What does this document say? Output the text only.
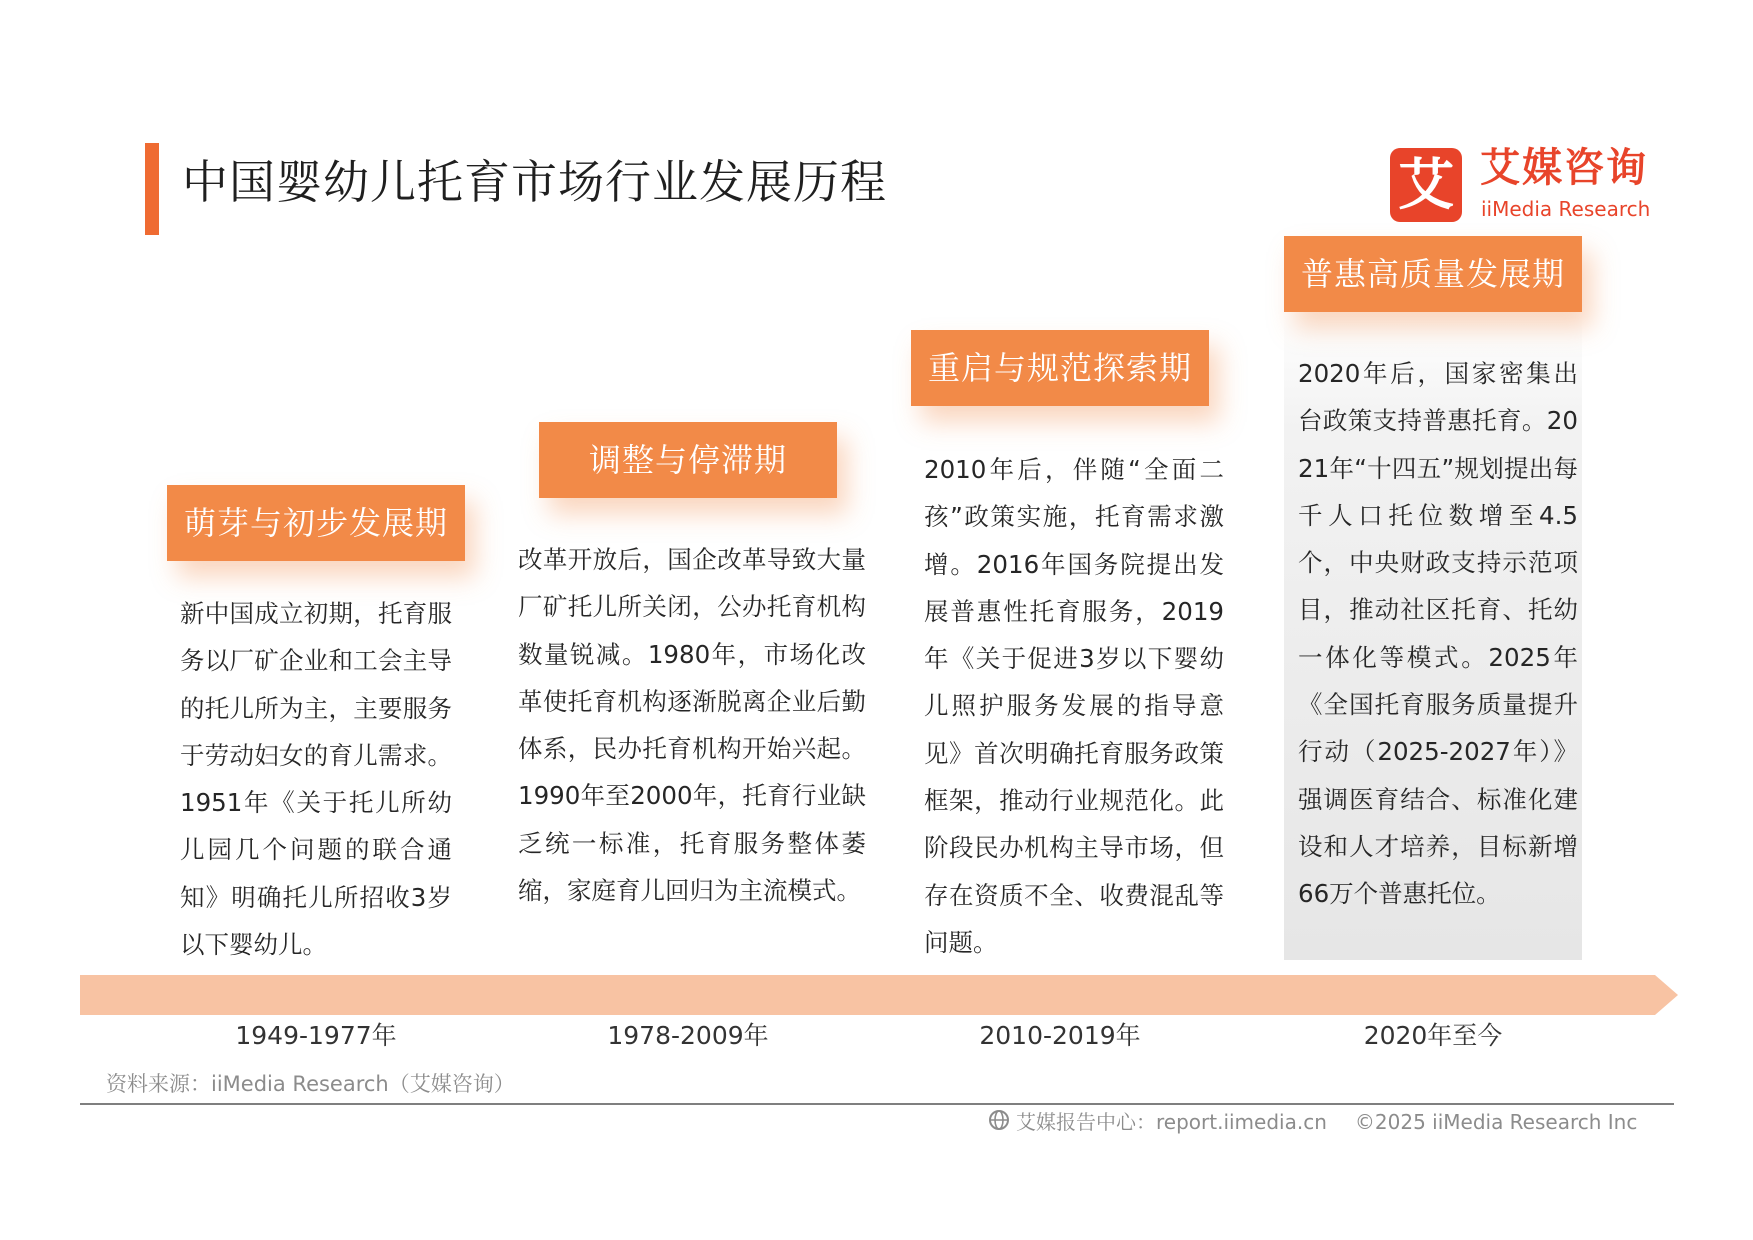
中国婴幼儿托育市场行业发展历程	艾 艾媒咨询
iiMedia Research
萌芽与初步发展期
调整与停滞期
重启与规范探索期
普惠高质量发展期
新中国成立初期，托育服务以厂矿企业和工会主导的托儿所为主，主要服务于劳动妇女的育儿需求。1951年《关于托儿所幼儿园几个问题的联合通知》明确托儿所招收3岁以下婴幼儿。
改革开放后，国企改革导致大量厂矿托儿所关闭，公办托育机构数量锐减。1980年，市场化改革使托育机构逐渐脱离企业后勤体系，民办托育机构开始兴起。1990年至2000年，托育行业缺乏统一标准，托育服务整体萎缩，家庭育儿回归为主流模式。
2010年后，伴随“全面二孩”政策实施，托育需求激增。2016年国务院提出发展普惠性托育服务，2019年《关于促进3岁以下婴幼儿照护服务发展的指导意见》首次明确托育服务政策框架，推动行业规范化。此阶段民办机构主导市场，但存在资质不全、收费混乱等问题。
2020年后，国家密集出台政策支持普惠托育。2021年“十四五”规划提出每千人口托位数增至4.5个，中央财政支持示范项目，推动社区托育、托幼一体化等模式。2025年《全国托育服务质量提升行动（2025-2027年）》强调医育结合、标准化建设和人才培养，目标新增66万个普惠托位。
1949-1977年	1978-2009年	2010-2019年	2020年至今
资料来源：iiMedia Research（艾媒咨询）
艾媒报告中心：report.iimedia.cn ©2025 iiMedia Research Inc
